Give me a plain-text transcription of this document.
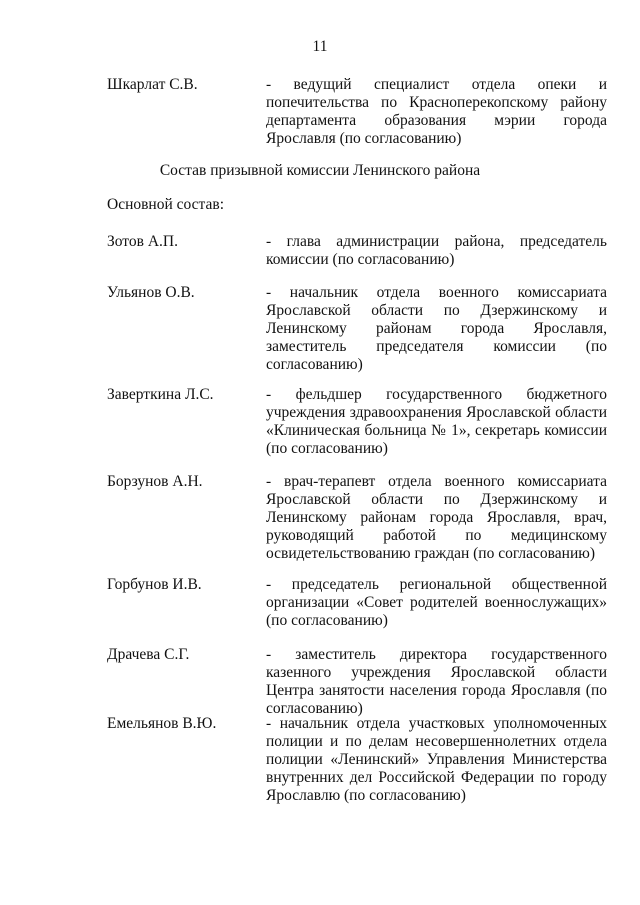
11
Шкарлат С.В.	- ведущий специалист отдела опеки и попечительства по Красноперекопскому району департамента образования мэрии города Ярославля (по согласованию)
Состав призывной комиссии Ленинского района
Основной состав:
Зотов А.П.	- глава администрации района, председатель комиссии (по согласованию)
Ульянов О.В.	- начальник отдела военного комиссариата Ярославской области по Дзержинскому и Ленинскому районам города Ярославля, заместитель председателя комиссии (по согласованию)
Заверткина Л.С.	- фельдшер государственного бюджетного учреждения здравоохранения Ярославской области «Клиническая больница № 1», секретарь комиссии (по согласованию)
Борзунов А.Н.	- врач-терапевт отдела военного комиссариата Ярославской области по Дзержинскому и Ленинскому районам города Ярославля, врач, руководящий работой по медицинскому освидетельствованию граждан (по согласованию)
Горбунов И.В.	- председатель региональной общественной организации «Совет родителей военнослужащих» (по согласованию)
Драчева С.Г.	- заместитель директора государственного казенного учреждения Ярославской области Центра занятости населения города Ярославля (по согласованию)
Емельянов В.Ю.	- начальник отдела участковых уполномоченных полиции и по делам несовершеннолетних отдела полиции «Ленинский» Управления Министерства внутренних дел Российской Федерации по городу Ярославлю (по согласованию)
